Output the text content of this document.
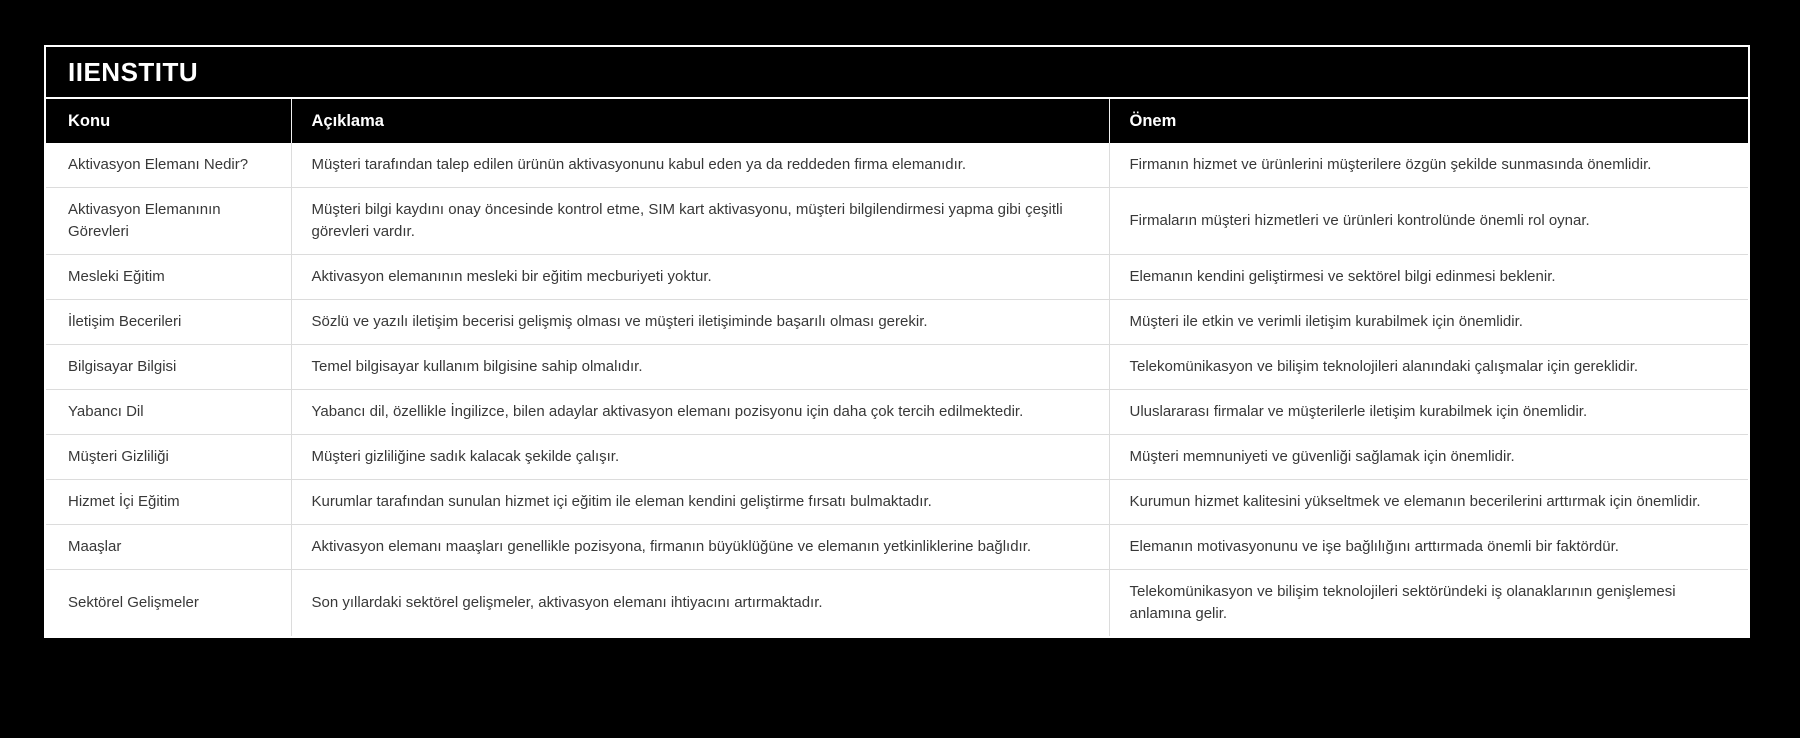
IIENSTITU
Konu	Açıklama	Önem
Aktivasyon Elemanı Nedir?	Müşteri tarafından talep edilen ürünün aktivasyonunu kabul eden ya da reddeden firma elemanıdır.	Firmanın hizmet ve ürünlerini müşterilere özgün şekilde sunmasında önemlidir.
Aktivasyon Elemanının Görevleri	Müşteri bilgi kaydını onay öncesinde kontrol etme, SIM kart aktivasyonu, müşteri bilgilendirmesi yapma gibi çeşitli görevleri vardır.	Firmaların müşteri hizmetleri ve ürünleri kontrolünde önemli rol oynar.
Mesleki Eğitim	Aktivasyon elemanının mesleki bir eğitim mecburiyeti yoktur.	Elemanın kendini geliştirmesi ve sektörel bilgi edinmesi beklenir.
İletişim Becerileri	Sözlü ve yazılı iletişim becerisi gelişmiş olması ve müşteri iletişiminde başarılı olması gerekir.	Müşteri ile etkin ve verimli iletişim kurabilmek için önemlidir.
Bilgisayar Bilgisi	Temel bilgisayar kullanım bilgisine sahip olmalıdır.	Telekomünikasyon ve bilişim teknolojileri alanındaki çalışmalar için gereklidir.
Yabancı Dil	Yabancı dil, özellikle İngilizce, bilen adaylar aktivasyon elemanı pozisyonu için daha çok tercih edilmektedir.	Uluslararası firmalar ve müşterilerle iletişim kurabilmek için önemlidir.
Müşteri Gizliliği	Müşteri gizliliğine sadık kalacak şekilde çalışır.	Müşteri memnuniyeti ve güvenliği sağlamak için önemlidir.
Hizmet İçi Eğitim	Kurumlar tarafından sunulan hizmet içi eğitim ile eleman kendini geliştirme fırsatı bulmaktadır.	Kurumun hizmet kalitesini yükseltmek ve elemanın becerilerini arttırmak için önemlidir.
Maaşlar	Aktivasyon elemanı maaşları genellikle pozisyona, firmanın büyüklüğüne ve elemanın yetkinliklerine bağlıdır.	Elemanın motivasyonunu ve işe bağlılığını arttırmada önemli bir faktördür.
Sektörel Gelişmeler	Son yıllardaki sektörel gelişmeler, aktivasyon elemanı ihtiyacını artırmaktadır.	Telekomünikasyon ve bilişim teknolojileri sektöründeki iş olanaklarının genişlemesi anlamına gelir.
